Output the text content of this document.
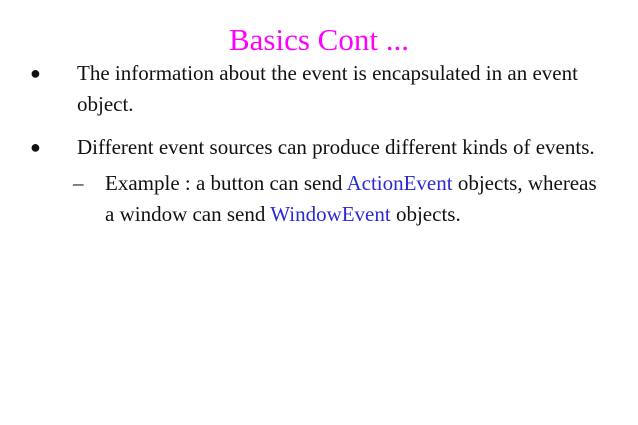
Basics Cont ...
● The information about the event is encapsulated in an event object.
● Different event sources can produce different kinds of events.
– Example : a button can send ActionEvent objects, whereas a window can send WindowEvent objects.
